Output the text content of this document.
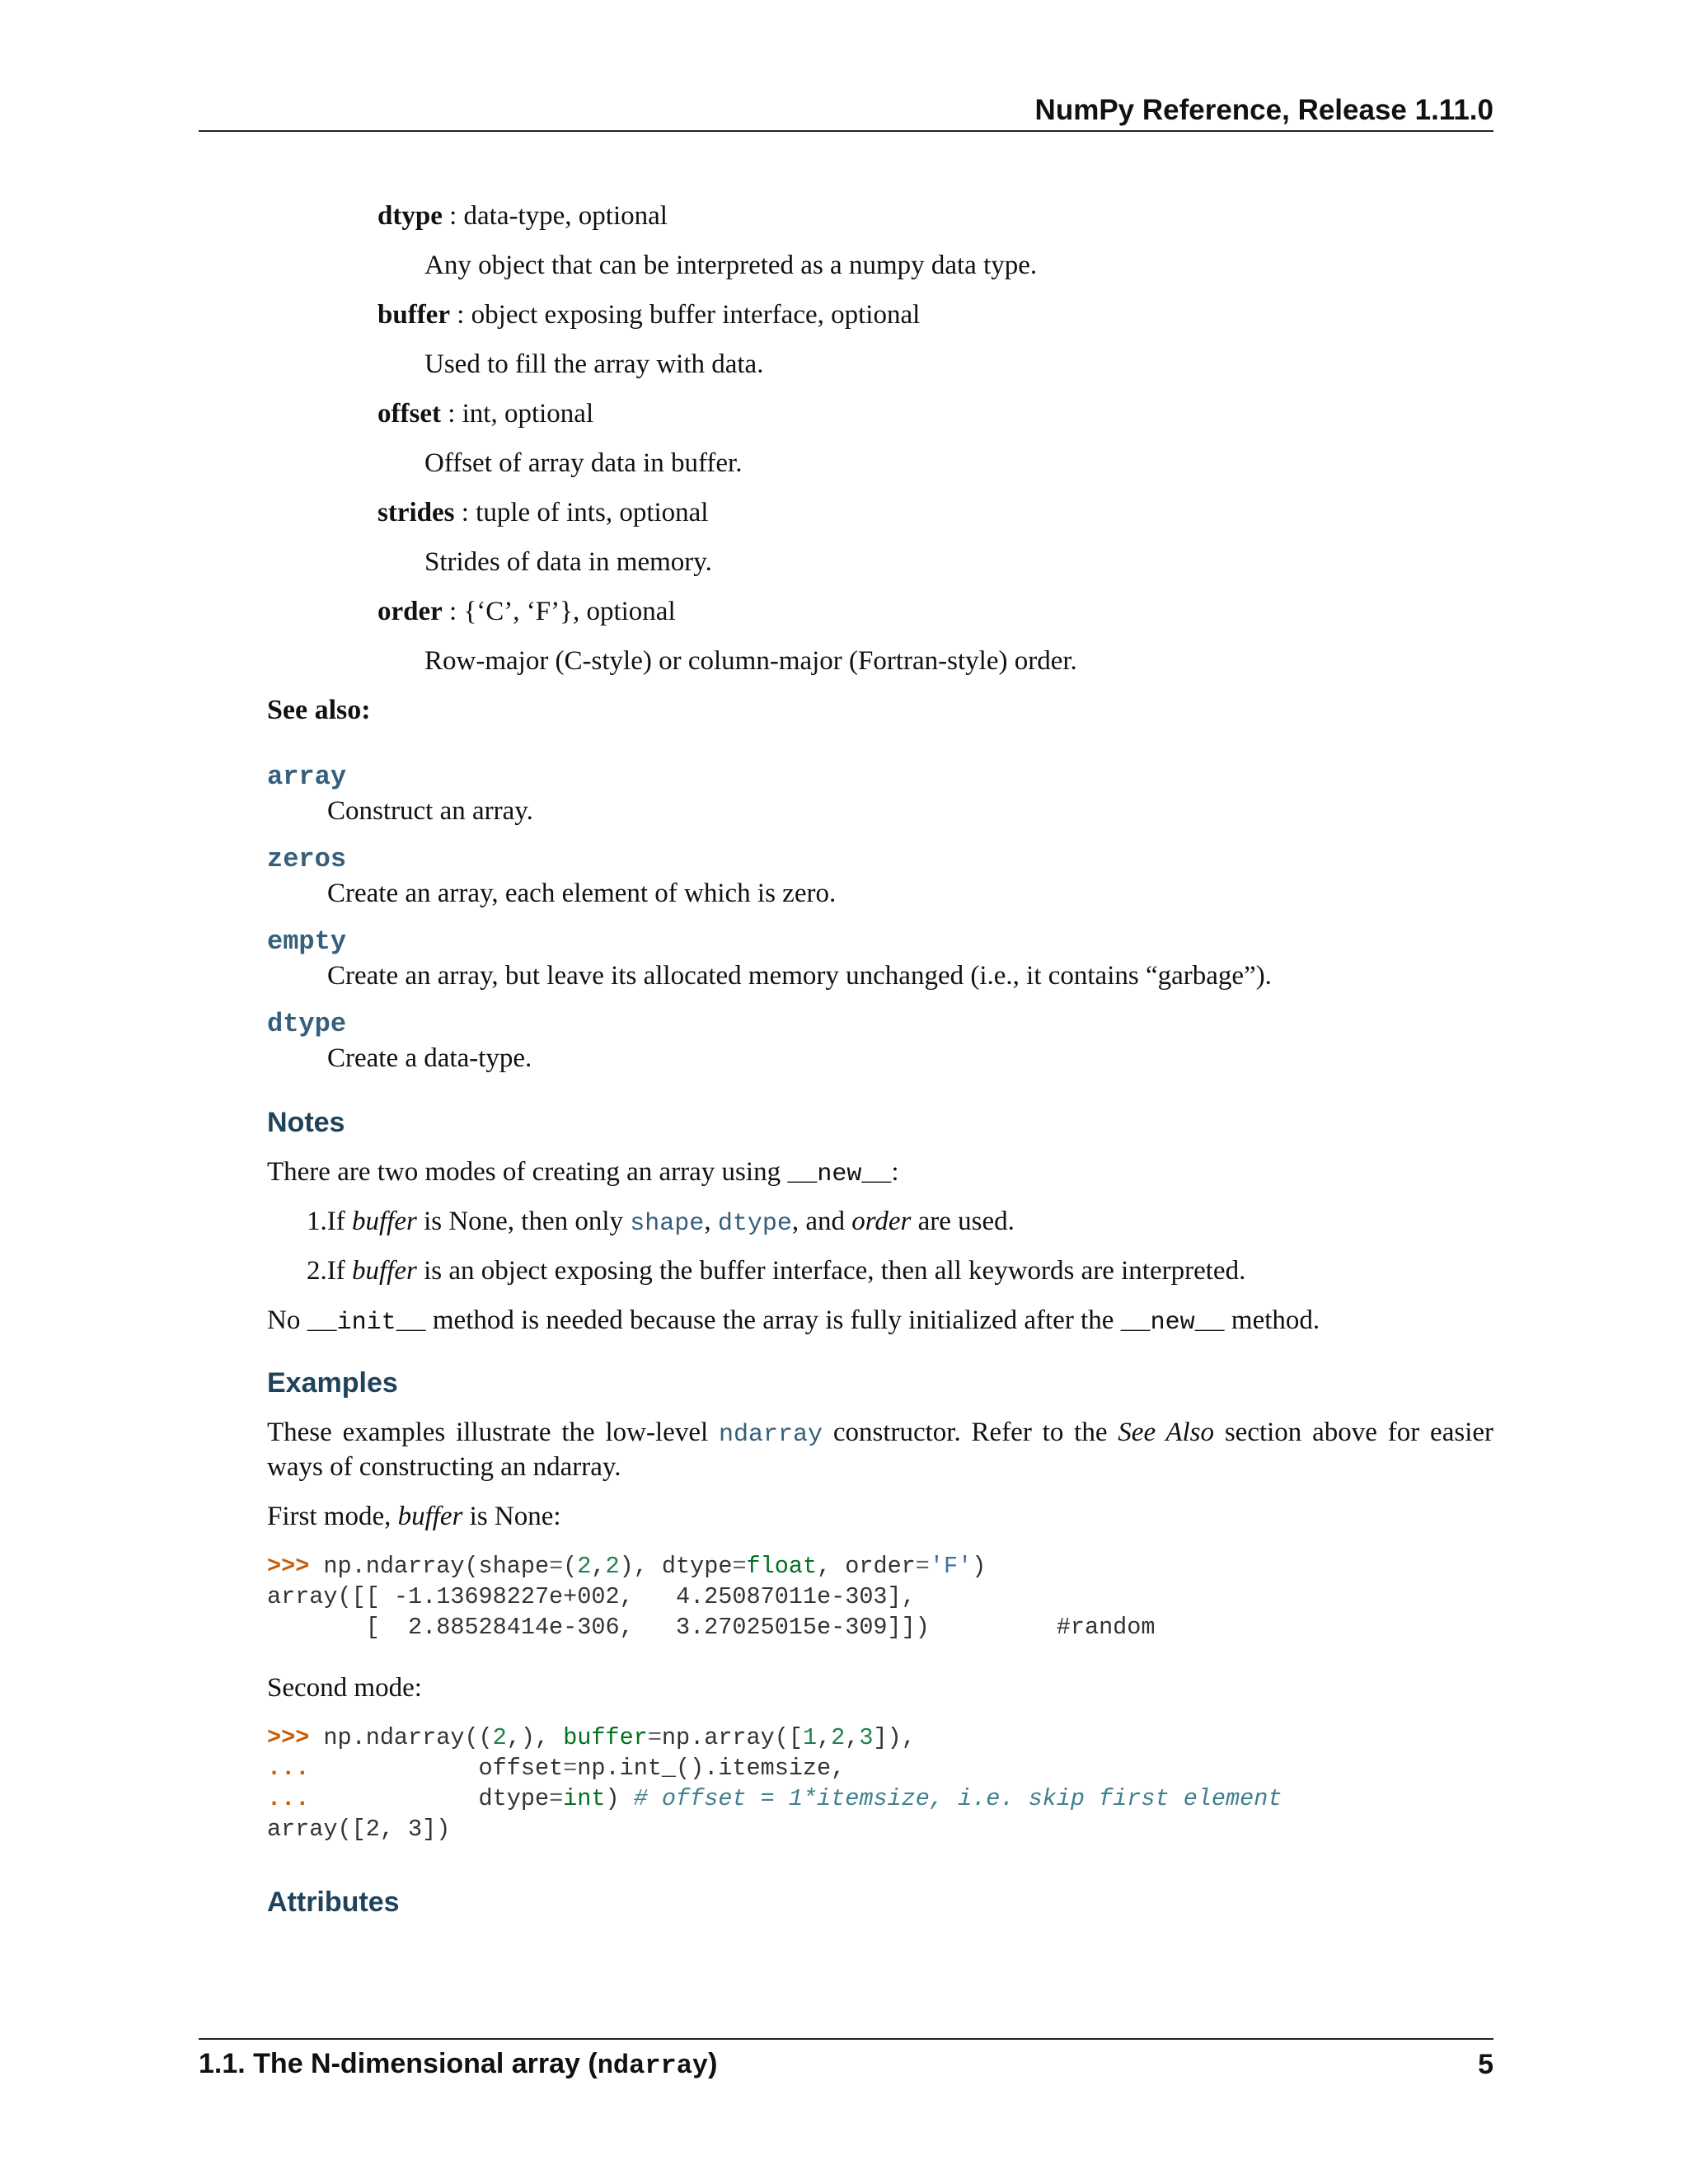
NumPy Reference, Release 1.11.0
dtype : data-type, optional
Any object that can be interpreted as a numpy data type.
buffer : object exposing buffer interface, optional
Used to fill the array with data.
offset : int, optional
Offset of array data in buffer.
strides : tuple of ints, optional
Strides of data in memory.
order : {‘C’, ‘F’}, optional
Row-major (C-style) or column-major (Fortran-style) order.
See also:
array
Construct an array.
zeros
Create an array, each element of which is zero.
empty
Create an array, but leave its allocated memory unchanged (i.e., it contains “garbage”).
dtype
Create a data-type.
Notes
There are two modes of creating an array using __new__:
1.If buffer is None, then only shape, dtype, and order are used.
2.If buffer is an object exposing the buffer interface, then all keywords are interpreted.
No __init__ method is needed because the array is fully initialized after the __new__ method.
Examples
These examples illustrate the low-level ndarray constructor. Refer to the See Also section above for easier
ways of constructing an ndarray.
First mode, buffer is None:
>>> np.ndarray(shape=(2,2), dtype=float, order='F')
array([[ -1.13698227e+002,   4.25087011e-303],
[  2.88528414e-306,   3.27025015e-309]])         #random
Second mode:
>>> np.ndarray((2,), buffer=np.array([1,2,3]),
...            offset=np.int_().itemsize,
...            dtype=int) # offset = 1*itemsize, i.e. skip first element
array([2, 3])
Attributes
1.1. The N-dimensional array (ndarray)	5
